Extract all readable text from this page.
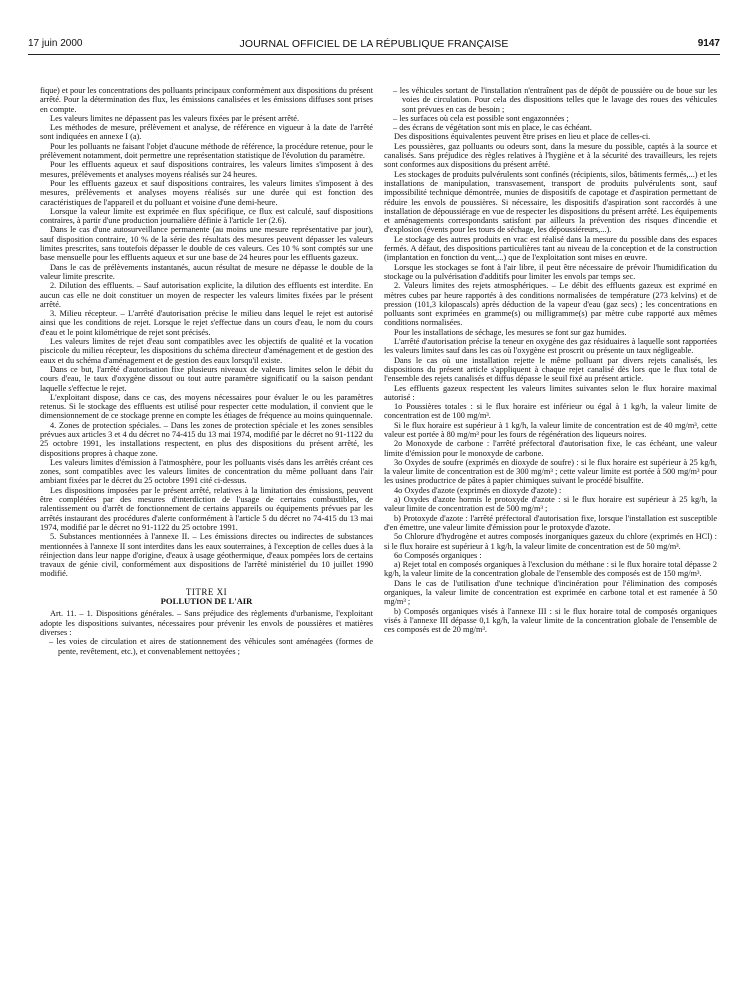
17 juin 2000	JOURNAL OFFICIEL DE LA RÉPUBLIQUE FRANÇAISE	9147

fique) et pour les concentrations des polluants principaux conformément aux dispositions du présent arrêté. Pour la détermination des flux, les émissions canalisées et les émissions diffuses sont prises en compte.

Les valeurs limites ne dépassent pas les valeurs fixées par le présent arrêté.

Les méthodes de mesure, prélèvement et analyse, de référence en vigueur à la date de l'arrêté sont indiquées en annexe I (a).

Pour les polluants ne faisant l'objet d'aucune méthode de référence, la procédure retenue, pour le prélèvement notamment, doit permettre une représentation statistique de l'évolution du paramètre.

Pour les effluents aqueux et sauf dispositions contraires, les valeurs limites s'imposent à des mesures, prélèvements et analyses moyens réalisés sur 24 heures.

Pour les effluents gazeux et sauf dispositions contraires, les valeurs limites s'imposent à des mesures, prélèvements et analyses moyens réalisés sur une durée qui est fonction des caractéristiques de l'appareil et du polluant et voisine d'une demi-heure.

Lorsque la valeur limite est exprimée en flux spécifique, ce flux est calculé, sauf dispositions contraires, à partir d'une production journalière définie à l'article 1er (2.6).

Dans le cas d'une autosurveillance permanente (au moins une mesure représentative par jour), sauf disposition contraire, 10 % de la série des résultats des mesures peuvent dépasser les valeurs limites prescrites, sans toutefois dépasser le double de ces valeurs. Ces 10 % sont comptés sur une base mensuelle pour les effluents aqueux et sur une base de 24 heures pour les effluents gazeux.

Dans le cas de prélèvements instantanés, aucun résultat de mesure ne dépasse le double de la valeur limite prescrite.

2. Dilution des effluents. – Sauf autorisation explicite, la dilution des effluents est interdite. En aucun cas elle ne doit constituer un moyen de respecter les valeurs limites fixées par le présent arrêté.

3. Milieu récepteur. – L'arrêté d'autorisation précise le milieu dans lequel le rejet est autorisé ainsi que les conditions de rejet. Lorsque le rejet s'effectue dans un cours d'eau, le nom du cours d'eau et le point kilométrique de rejet sont précisés.

Les valeurs limites de rejet d'eau sont compatibles avec les objectifs de qualité et la vocation piscicole du milieu récepteur, les dispositions du schéma directeur d'aménagement et de gestion des eaux et du schéma d'aménagement et de gestion des eaux lorsqu'il existe.

Dans ce but, l'arrêté d'autorisation fixe plusieurs niveaux de valeurs limites selon le débit du cours d'eau, le taux d'oxygène dissout ou tout autre paramètre significatif ou la saison pendant laquelle s'effectue le rejet.

L'exploitant dispose, dans ce cas, des moyens nécessaires pour évaluer le ou les paramètres retenus. Si le stockage des effluents est utilisé pour respecter cette modulation, il convient que le dimensionnement de ce stockage prenne en compte les étiages de fréquence au moins quinquennale.

4. Zones de protection spéciales. – Dans les zones de protection spéciale et les zones sensibles prévues aux articles 3 et 4 du décret no 74-415 du 13 mai 1974, modifié par le décret no 91-1122 du 25 octobre 1991, les installations respectent, en plus des dispositions du présent arrêté, les dispositions propres à chaque zone.

Les valeurs limites d'émission à l'atmosphère, pour les polluants visés dans les arrêtés créant ces zones, sont compatibles avec les valeurs limites de concentration du même polluant dans l'air ambiant fixées par le décret du 25 octobre 1991 cité ci-dessus.

Les dispositions imposées par le présent arrêté, relatives à la limitation des émissions, peuvent être complétées par des mesures d'interdiction de l'usage de certains combustibles, de ralentissement ou d'arrêt de fonctionnement de certains appareils ou équipements prévues par les arrêtés instaurant des procédures d'alerte conformément à l'article 5 du décret no 74-415 du 13 mai 1974, modifié par le décret no 91-1122 du 25 octobre 1991.

5. Substances mentionnées à l'annexe II. – Les émissions directes ou indirectes de substances mentionnées à l'annexe II sont interdites dans les eaux souterraines, à l'exception de celles dues à la réinjection dans leur nappe d'origine, d'eaux à usage géothermique, d'eaux pompées lors de certains travaux de génie civil, conformément aux dispositions de l'arrêté ministériel du 10 juillet 1990 modifié.

TITRE XI

POLLUTION DE L'AIR

Art. 11. – 1. Dispositions générales. – Sans préjudice des règlements d'urbanisme, l'exploitant adopte les dispositions suivantes, nécessaires pour prévenir les envols de poussières et matières diverses :

– les voies de circulation et aires de stationnement des véhicules sont aménagées (formes de pente, revêtement, etc.), et convenablement nettoyées ;

– les véhicules sortant de l'installation n'entraînent pas de dépôt de poussière ou de boue sur les voies de circulation. Pour cela des dispositions telles que le lavage des roues des véhicules sont prévues en cas de besoin ;

– les surfaces où cela est possible sont engazonnées ;

– des écrans de végétation sont mis en place, le cas échéant.

Des dispositions équivalentes peuvent être prises en lieu et place de celles-ci.

Les poussières, gaz polluants ou odeurs sont, dans la mesure du possible, captés à la source et canalisés. Sans préjudice des règles relatives à l'hygiène et à la sécurité des travailleurs, les rejets sont conformes aux dispositions du présent arrêté.

Les stockages de produits pulvérulents sont confinés (récipients, silos, bâtiments fermés,...) et les installations de manipulation, transvasement, transport de produits pulvérulents sont, sauf impossibilité technique démontrée, munies de dispositifs de capotage et d'aspiration permettant de réduire les envols de poussières. Si nécessaire, les dispositifs d'aspiration sont raccordés à une installation de dépoussiérage en vue de respecter les dispositions du présent arrêté. Les équipements et aménagements correspondants satisfont par ailleurs la prévention des risques d'incendie et d'explosion (évents pour les tours de séchage, les dépoussiéreurs,...).

Le stockage des autres produits en vrac est réalisé dans la mesure du possible dans des espaces fermés. A défaut, des dispositions particulières tant au niveau de la conception et de la construction (implantation en fonction du vent,...) que de l'exploitation sont mises en œuvre.

Lorsque les stockages se font à l'air libre, il peut être nécessaire de prévoir l'humidification du stockage ou la pulvérisation d'additifs pour limiter les envols par temps sec.

2. Valeurs limites des rejets atmosphériques. – Le débit des effluents gazeux est exprimé en mètres cubes par heure rapportés à des conditions normalisées de température (273 kelvins) et de pression (101,3 kilopascals) après déduction de la vapeur d'eau (gaz secs) ; les concentrations en polluants sont exprimées en gramme(s) ou milligramme(s) par mètre cube rapporté aux mêmes conditions normalisées.

Pour les installations de séchage, les mesures se font sur gaz humides.

L'arrêté d'autorisation précise la teneur en oxygène des gaz résiduaires à laquelle sont rapportées les valeurs limites sauf dans les cas où l'oxygène est proscrit ou présente un taux négligeable.

Dans le cas où une installation rejette le même polluant par divers rejets canalisés, les dispositions du présent article s'appliquent à chaque rejet canalisé dès lors que le flux total de l'ensemble des rejets canalisés et diffus dépasse le seuil fixé au présent article.

Les effluents gazeux respectent les valeurs limites suivantes selon le flux horaire maximal autorisé :

1o Poussières totales : si le flux horaire est inférieur ou égal à 1 kg/h, la valeur limite de concentration est de 100 mg/m³.

Si le flux horaire est supérieur à 1 kg/h, la valeur limite de concentration est de 40 mg/m³, cette valeur est portée à 80 mg/m³ pour les fours de régénération des liqueurs noires.

2o Monoxyde de carbone : l'arrêté préfectoral d'autorisation fixe, le cas échéant, une valeur limite d'émission pour le monoxyde de carbone.

3o Oxydes de soufre (exprimés en dioxyde de soufre) : si le flux horaire est supérieur à 25 kg/h, la valeur limite de concentration est de 300 mg/m³ ; cette valeur limite est portée à 500 mg/m³ pour les usines productrice de pâtes à papier chimiques suivant le procédé bisulfite.

4o Oxydes d'azote (exprimés en dioxyde d'azote) :

a) Oxydes d'azote hormis le protoxyde d'azote : si le flux horaire est supérieur à 25 kg/h, la valeur limite de concentration est de 500 mg/m³ ;

b) Protoxyde d'azote : l'arrêté préfectoral d'autorisation fixe, lorsque l'installation est susceptible d'en émettre, une valeur limite d'émission pour le protoxyde d'azote.

5o Chlorure d'hydrogène et autres composés inorganiques gazeux du chlore (exprimés en HCl) : si le flux horaire est supérieur à 1 kg/h, la valeur limite de concentration est de 50 mg/m³.

6o Composés organiques :

a) Rejet total en composés organiques à l'exclusion du méthane : si le flux horaire total dépasse 2 kg/h, la valeur limite de la concentration globale de l'ensemble des composés est de 150 mg/m³.

Dans le cas de l'utilisation d'une technique d'incinération pour l'élimination des composés organiques, la valeur limite de concentration est exprimée en carbone total et est ramenée à 50 mg/m³ ;

b) Composés organiques visés à l'annexe III : si le flux horaire total de composés organiques visés à l'annexe III dépasse 0,1 kg/h, la valeur limite de la concentration globale de l'ensemble de ces composés est de 20 mg/m³.
